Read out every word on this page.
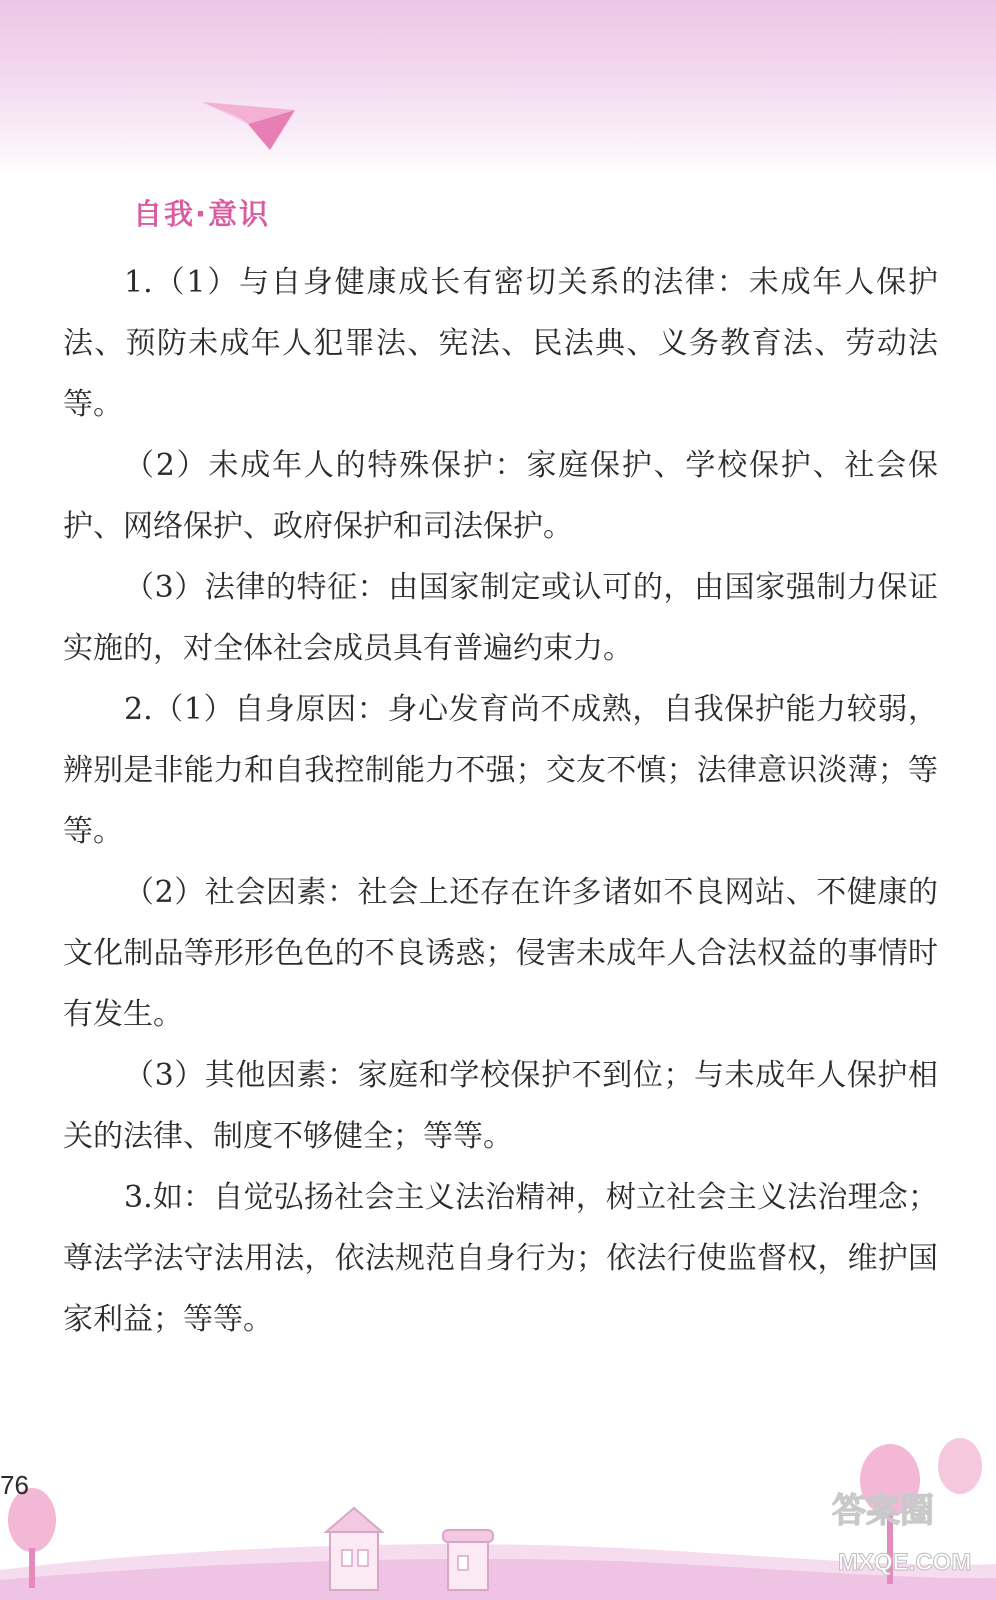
自我·意识

1.（1）与自身健康成长有密切关系的法律：未成年人保护法、预防未成年人犯罪法、宪法、民法典、义务教育法、劳动法等。

（2）未成年人的特殊保护：家庭保护、学校保护、社会保护、网络保护、政府保护和司法保护。

（3）法律的特征：由国家制定或认可的，由国家强制力保证实施的，对全体社会成员具有普遍约束力。

2.（1）自身原因：身心发育尚不成熟，自我保护能力较弱，辨别是非能力和自我控制能力不强；交友不慎；法律意识淡薄；等等。

（2）社会因素：社会上还存在许多诸如不良网站、不健康的文化制品等形形色色的不良诱惑；侵害未成年人合法权益的事情时有发生。

（3）其他因素：家庭和学校保护不到位；与未成年人保护相关的法律、制度不够健全；等等。

3.如：自觉弘扬社会主义法治精神，树立社会主义法治理念；尊法学法守法用法，依法规范自身行为；依法行使监督权，维护国家利益；等等。

76
答案圈
MXQE.COM
